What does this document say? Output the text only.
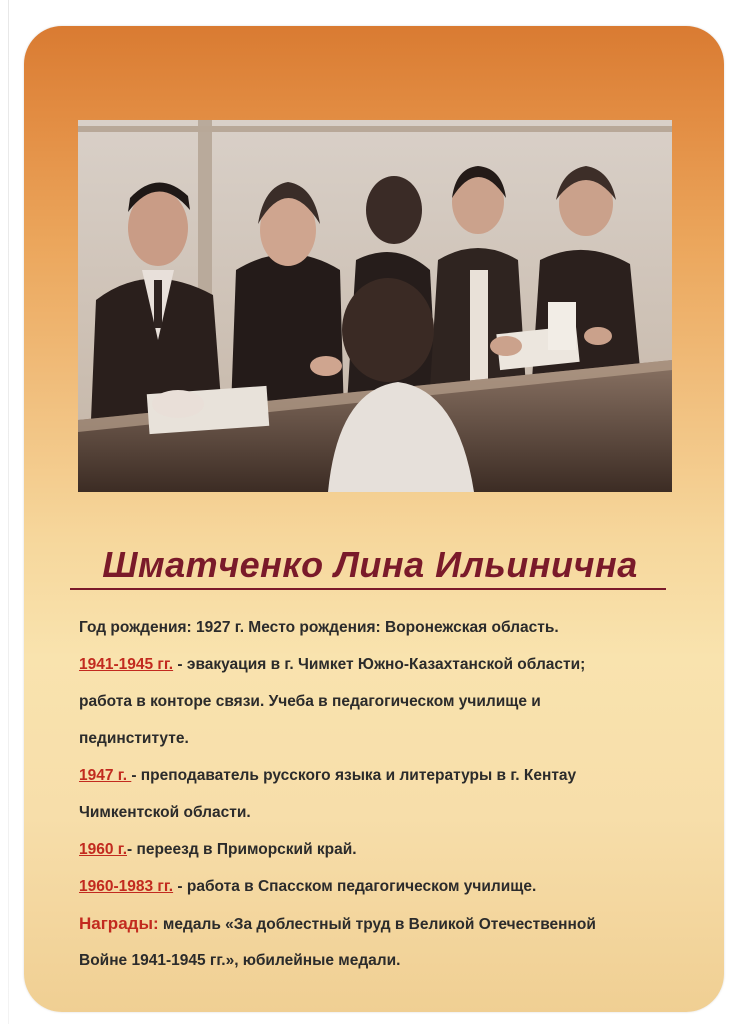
Шматченко Лина Ильинична
Год рождения: 1927 г. Место рождения: Воронежская область.
1941-1945 гг. - эвакуация в г. Чимкет Южно-Казахтанской области;
работа в конторе связи. Учеба в педагогическом училище и
пединституте.
1947 г. - преподаватель русского языка и литературы в г. Кентау
Чимкентской области.
1960 г.- переезд в Приморский край.
1960-1983 гг. - работа в Спасском педагогическом училище.
Награды: медаль «За доблестный труд в Великой Отечественной
Войне 1941-1945 гг.», юбилейные медали.
